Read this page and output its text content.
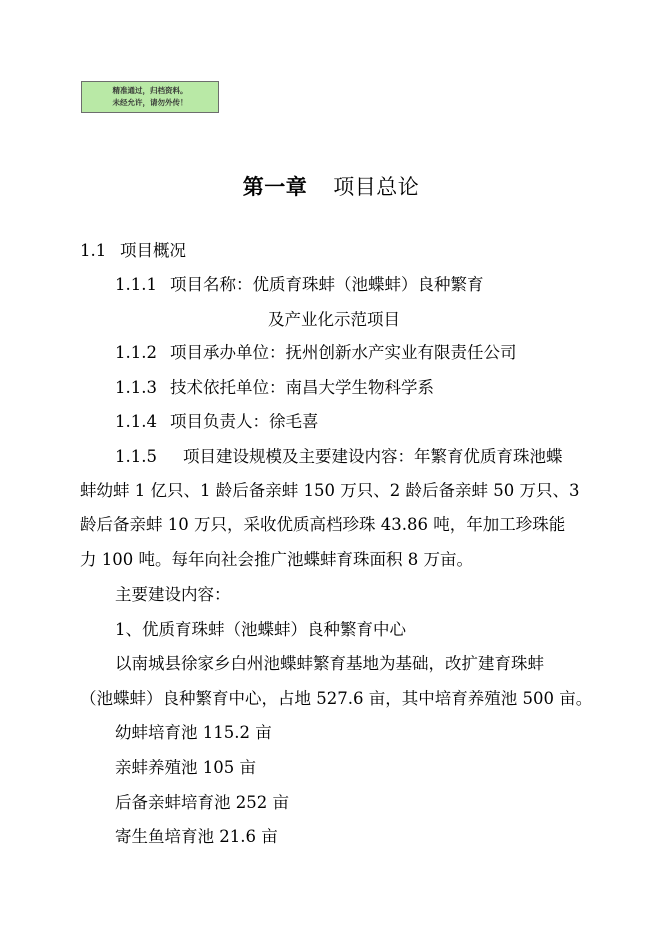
精准通过，归档资料。
未经允许，请勿外传！
第一章 项目总论
1.1 项目概况
1.1.1 项目名称：优质育珠蚌（池蝶蚌）良种繁育
及产业化示范项目
1.1.2 项目承办单位：抚州创新水产实业有限责任公司
1.1.3 技术依托单位：南昌大学生物科学系
1.1.4 项目负责人：徐毛喜
1.1.5 项目建设规模及主要建设内容：年繁育优质育珠池蝶
蚌幼蚌 1 亿只、1 龄后备亲蚌 150 万只、2 龄后备亲蚌 50 万只、3
龄后备亲蚌 10 万只，采收优质高档珍珠 43.86 吨，年加工珍珠能
力 100 吨。每年向社会推广池蝶蚌育珠面积 8 万亩。
主要建设内容：
1、优质育珠蚌（池蝶蚌）良种繁育中心
以南城县徐家乡白州池蝶蚌繁育基地为基础，改扩建育珠蚌
（池蝶蚌）良种繁育中心，占地 527.6 亩，其中培育养殖池 500 亩。
幼蚌培育池 115.2 亩
亲蚌养殖池 105 亩
后备亲蚌培育池 252 亩
寄生鱼培育池 21.6 亩
